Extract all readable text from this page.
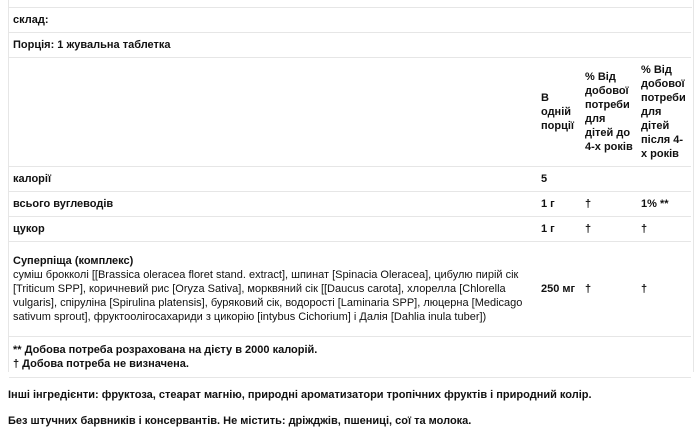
склад:			
Порція: 1 жувальна таблетка			
	В одній порції	% Від добової потреби для дітей до 4-х років	% Від добової потреби для дітей після 4-х років
калорії	5		
всього вуглеводів	1 г	†	1% **
цукор	1 г	†	†

Суперпіща (комплекс)
суміш брокколі [[Brassica oleracea floret stand. extract], шпинат [Spinacia Oleracea], цибулю пирій сік [Triticum SPP], коричневий рис [Oryza Sativa], морквяний сік [[Daucus carota], хлорелла [Chlorella vulgaris], спіруліна [Spirulina platensis], буряковий сік, водорості [Laminaria SPP], люцерна [Medicago sativum sprout], фруктоолігосахариди з цикорію [intybus Cichorium] і Далія [Dahlia inula tuber])	250 мг	†	†

** Добова потреба розрахована на дієту в 2000 калорій.
† Добова потреба не визначена.			
Інші інгредієнти: фруктоза, стеарат магнію, природні ароматизатори тропічних фруктів і природний колір.
Без штучних барвників і консервантів. Не містить: дріжджів, пшениці, сої та молока.
